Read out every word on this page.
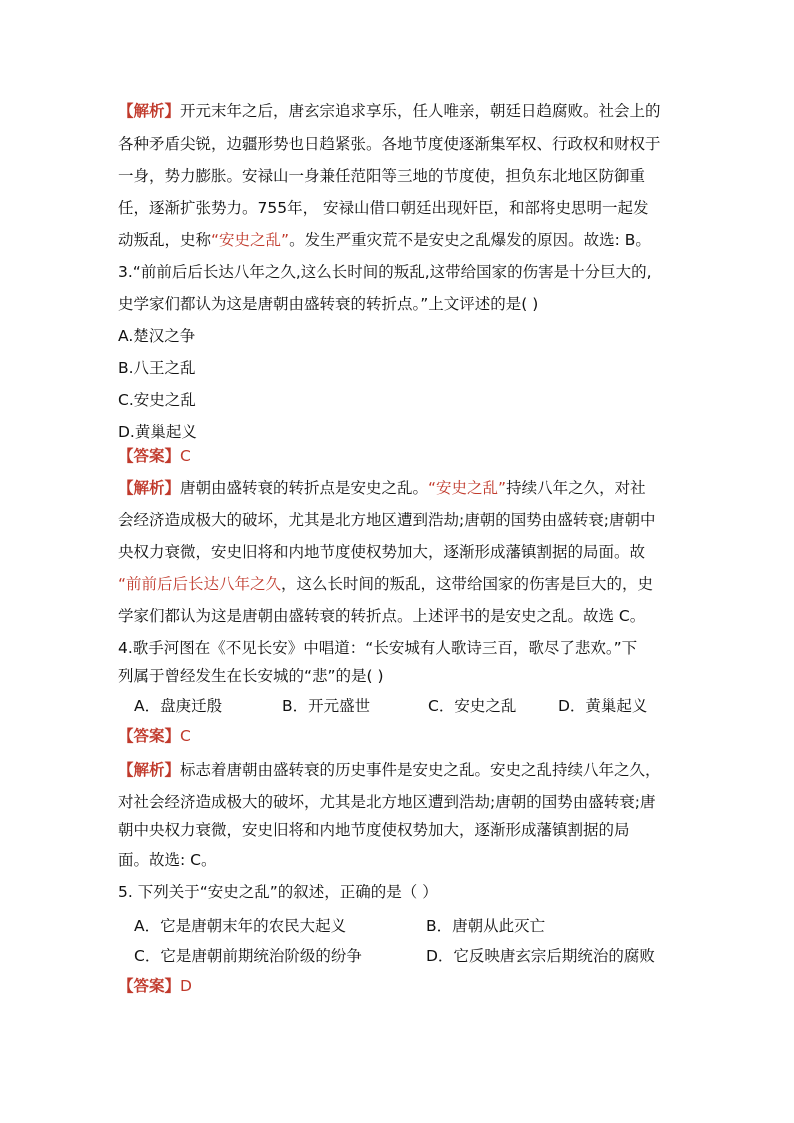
【解析】开元末年之后，唐玄宗追求享乐，任人唯亲，朝廷日趋腐败。社会上的
各种矛盾尖锐，边疆形势也日趋紧张。各地节度使逐渐集军权、行政权和财权于
一身，势力膨胀。安禄山一身兼任范阳等三地的节度使，担负东北地区防御重
任，逐渐扩张势力。755年， 安禄山借口朝廷出现奸臣，和部将史思明一起发
动叛乱，史称“安史之乱”。发生严重灾荒不是安史之乱爆发的原因。故选: B。
3.“前前后后长达八年之久,这么长时间的叛乱,这带给国家的伤害是十分巨大的,
史学家们都认为这是唐朝由盛转衰的转折点。”上文评述的是( )
A.楚汉之争
B.八王之乱
C.安史之乱
D.黄巢起义
【答案】C
【解析】唐朝由盛转衰的转折点是安史之乱。“安史之乱”持续八年之久，对社
会经济造成极大的破坏，尤其是北方地区遭到浩劫;唐朝的国势由盛转衰;唐朝中
央权力衰微，安史旧将和内地节度使权势加大，逐渐形成藩镇割据的局面。故
“前前后后长达八年之久，这么长时间的叛乱，这带给国家的伤害是巨大的，史
学家们都认为这是唐朝由盛转衰的转折点。上述评书的是安史之乱。故选 C。
4.歌手河图在《不见长安》中唱道：“长安城有人歌诗三百，歌尽了悲欢。”下
列属于曾经发生在长安城的“悲”的是( )
A．盘庚迁殷	B．开元盛世	C．安史之乱	D．黄巢起义
【答案】C
【解析】标志着唐朝由盛转衰的历史事件是安史之乱。安史之乱持续八年之久，
对社会经济造成极大的破坏，尤其是北方地区遭到浩劫;唐朝的国势由盛转衰;唐
朝中央权力衰微，安史旧将和内地节度使权势加大，逐渐形成藩镇割据的局
面。故选: C。
5. 下列关于“安史之乱”的叙述，正确的是（ ）
A．它是唐朝末年的农民大起义	B．唐朝从此灭亡
C．它是唐朝前期统治阶级的纷争	D．它反映唐玄宗后期统治的腐败
【答案】D
